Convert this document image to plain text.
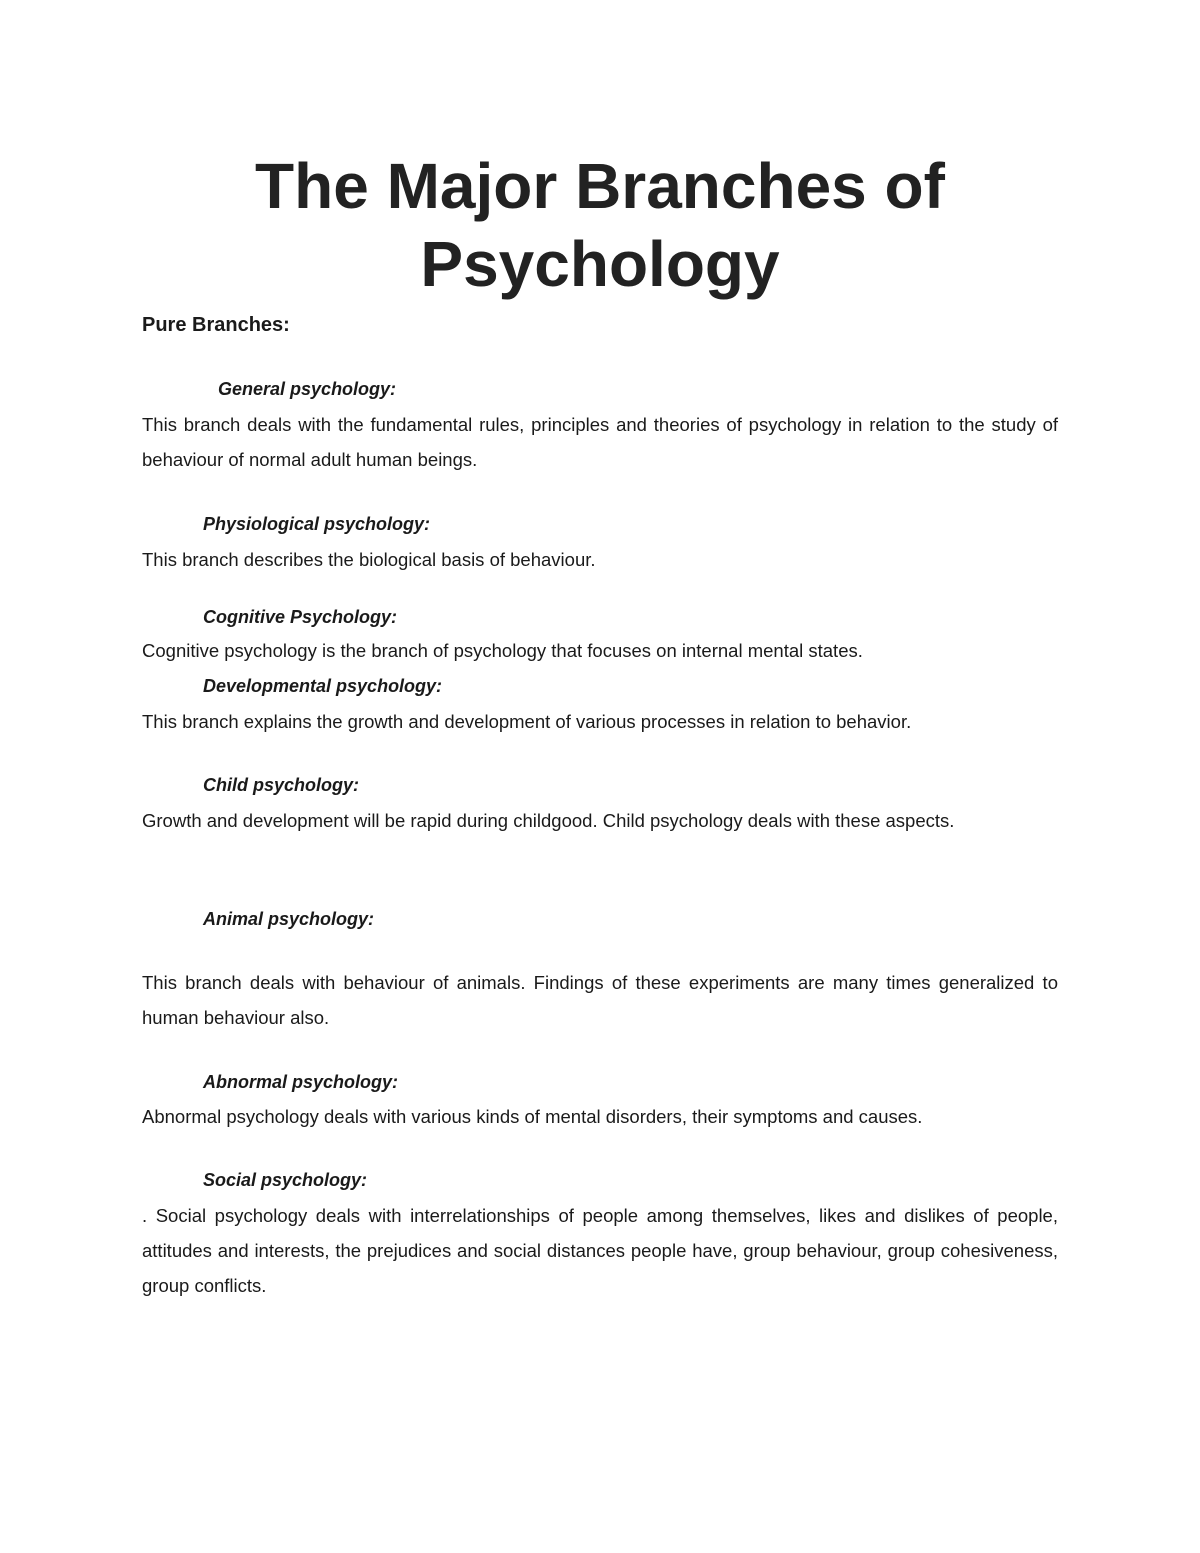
The Major Branches of
Psychology

Pure Branches:

General psychology:

This branch deals with the fundamental rules, principles and theories of psychology in relation to the study of behaviour of normal adult human beings.

Physiological psychology:

This branch describes the biological basis of behaviour.

Cognitive Psychology:

Cognitive psychology is the branch of psychology that focuses on internal mental states.

Developmental psychology:

This branch explains the growth and development of various processes in relation to behavior.

Child psychology:

Growth and development will be rapid during childgood. Child psychology deals with these aspects.

Animal psychology:

This branch deals with behaviour of animals. Findings of these experiments are many times generalized to human behaviour also.

Abnormal psychology:

Abnormal psychology deals with various kinds of mental disorders, their symptoms and causes.

Social psychology:

. Social psychology deals with interrelationships of people among themselves, likes and dislikes of people, attitudes and interests, the prejudices and social distances people have, group behaviour, group cohesiveness, group conflicts.
